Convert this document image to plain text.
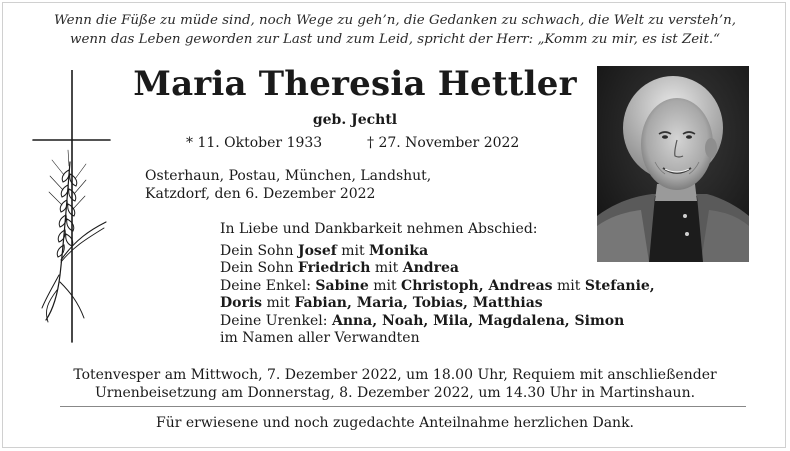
Wenn die Füße zu müde sind, noch Wege zu geh’n, die Gedanken zu schwach, die Welt zu versteh’n,
wenn das Leben geworden zur Last und zum Leid, spricht der Herr: „Komm zu mir, es ist Zeit.“
Maria Theresia Hettler
geb. Jechtl
* 11. Oktober 1933	† 27. November 2022
Osterhaun, Postau, München, Landshut,
Katzdorf, den 6. Dezember 2022
In Liebe und Dankbarkeit nehmen Abschied:
Dein Sohn Josef mit Monika
Dein Sohn Friedrich mit Andrea
Deine Enkel: Sabine mit Christoph, Andreas mit Stefanie,
Doris mit Fabian, Maria, Tobias, Matthias
Deine Urenkel: Anna, Noah, Mila, Magdalena, Simon
im Namen aller Verwandten
Totenvesper am Mittwoch, 7. Dezember 2022, um 18.00 Uhr, Requiem mit anschließender
Urnenbeisetzung am Donnerstag, 8. Dezember 2022, um 14.30 Uhr in Martinshaun.
Für erwiesene und noch zugedachte Anteilnahme herzlichen Dank.
